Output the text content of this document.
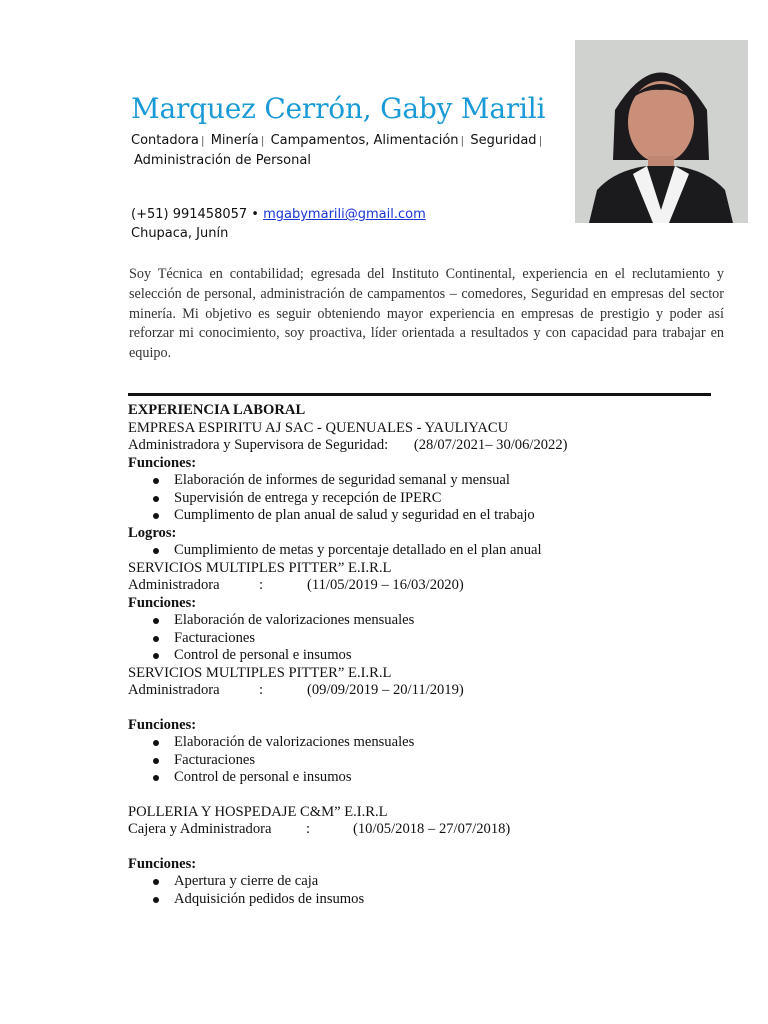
Marquez Cerrón, Gaby Marili
Contadora | Minería | Campamentos, Alimentación | Seguridad |
Administración de Personal
(+51) 991458057 • mgabymarili@gmail.com
Chupaca, Junín
Soy Técnica en contabilidad; egresada del Instituto Continental, experiencia en el reclutamiento y selección de personal, administración de campamentos – comedores, Seguridad en empresas del sector minería. Mi objetivo es seguir obteniendo mayor experiencia en empresas de prestigio y poder así reforzar mi conocimiento, soy proactiva, líder orientada a resultados y con capacidad para trabajar en equipo.
EXPERIENCIA LABORAL
EMPRESA ESPIRITU AJ SAC - QUENUALES - YAULIYACU
Administradora y Supervisora de Seguridad: (28/07/2021– 30/06/2022)
Funciones:
Elaboración de informes de seguridad semanal y mensual
Supervisión de entrega y recepción de IPERC
Cumplimento de plan anual de salud y seguridad en el trabajo
Logros:
Cumplimiento de metas y porcentaje detallado en el plan anual
SERVICIOS MULTIPLES PITTER” E.I.R.L
Administradora	:	(11/05/2019 – 16/03/2020)
Funciones:
Elaboración de valorizaciones mensuales
Facturaciones
Control de personal e insumos
SERVICIOS MULTIPLES PITTER” E.I.R.L
Administradora	:	(09/09/2019 – 20/11/2019)
Funciones:
Elaboración de valorizaciones mensuales
Facturaciones
Control de personal e insumos
POLLERIA Y HOSPEDAJE C&M” E.I.R.L
Cajera y Administradora :	(10/05/2018 – 27/07/2018)
Funciones:
Apertura y cierre de caja
Adquisición pedidos de insumos
